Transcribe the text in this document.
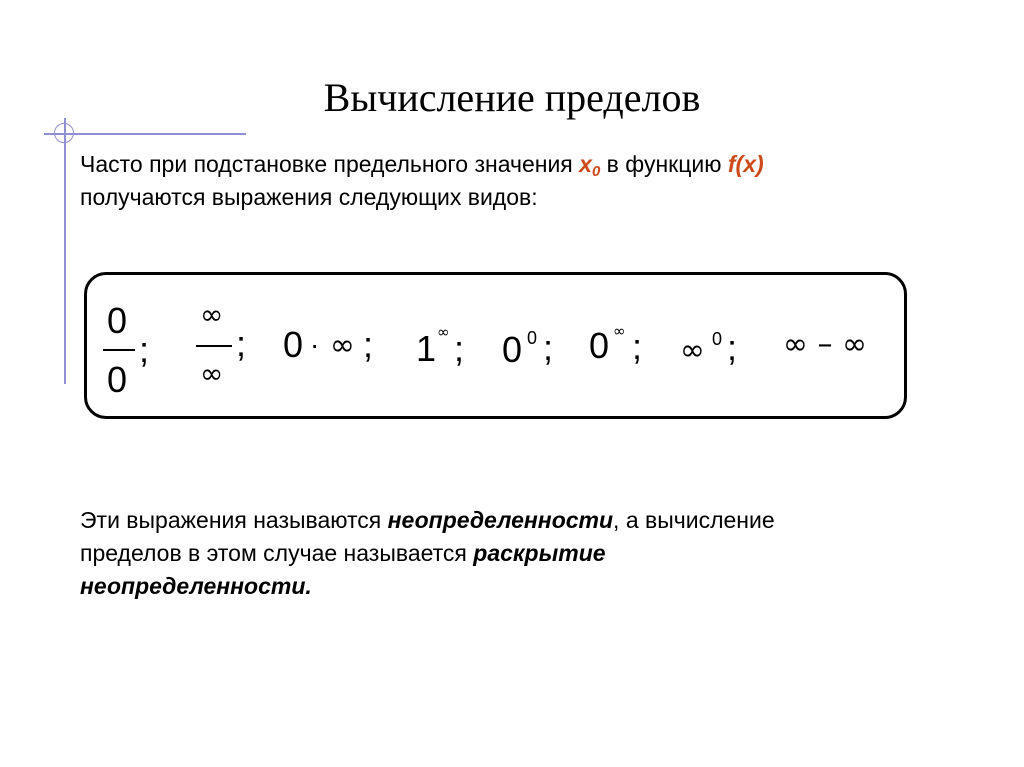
Вычисление пределов
Часто при подстановке предельного значения $x_0$ в функцию f(x)
получаются выражения следующих видов:
0
0
;
∞
∞
; 0 · ∞ ; 1 ∞ ; 0 0 ; 0 ∞ ; ∞ 0 ; ∞ – ∞
Эти выражения называются неопределенности, а вычисление
пределов в этом случае называется раскрытие
неопределенности.
